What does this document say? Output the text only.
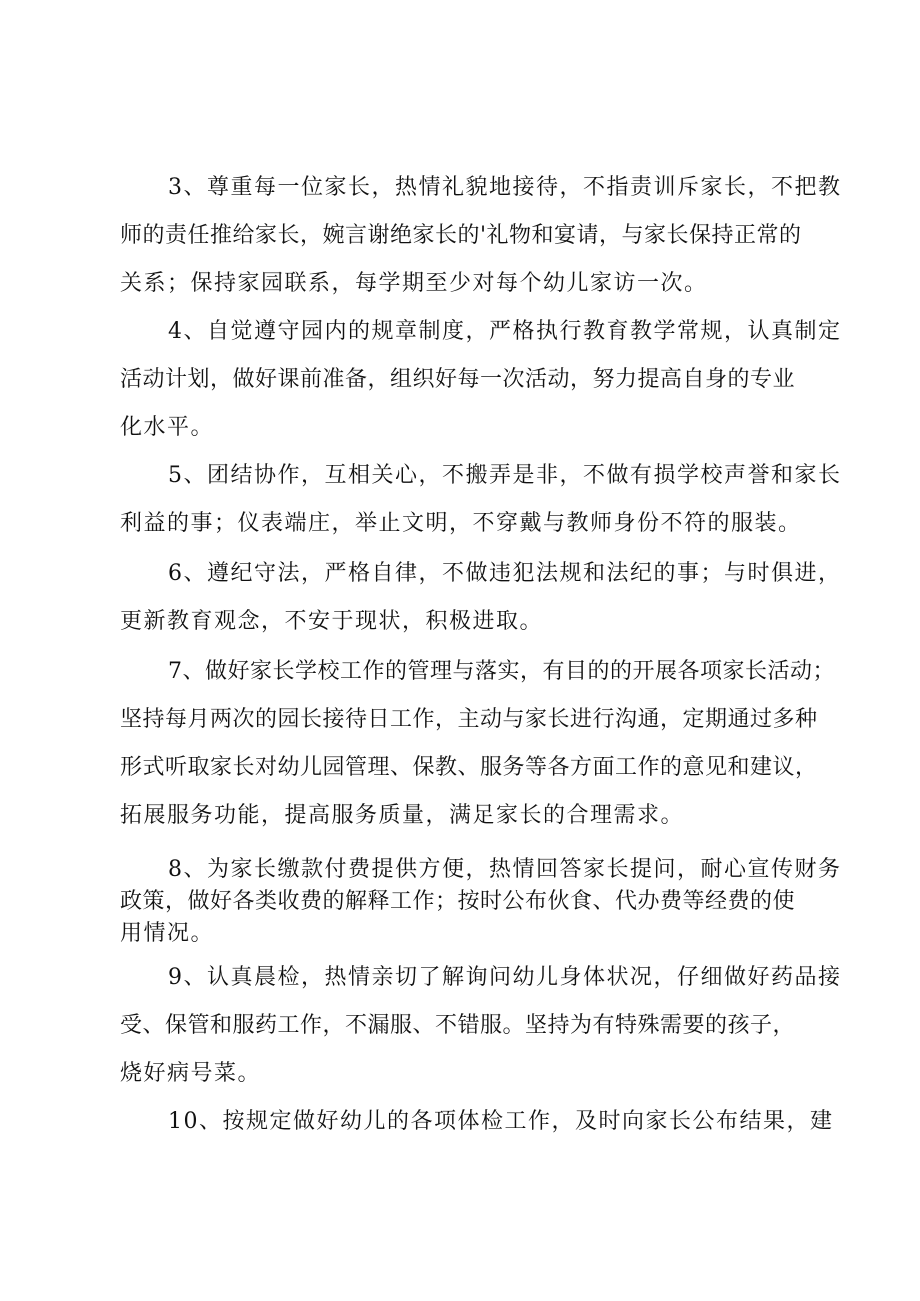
3、尊重每一位家长，热情礼貌地接待，不指责训斥家长，不把教
师的责任推给家长，婉言谢绝家长的'礼物和宴请，与家长保持正常的
关系；保持家园联系，每学期至少对每个幼儿家访一次。
4、自觉遵守园内的规章制度，严格执行教育教学常规，认真制定
活动计划，做好课前准备，组织好每一次活动，努力提高自身的专业
化水平。
5、团结协作，互相关心，不搬弄是非，不做有损学校声誉和家长
利益的事；仪表端庄，举止文明，不穿戴与教师身份不符的服装。
6、遵纪守法，严格自律，不做违犯法规和法纪的事；与时俱进，
更新教育观念，不安于现状，积极进取。
7、做好家长学校工作的管理与落实，有目的的开展各项家长活动；
坚持每月两次的园长接待日工作，主动与家长进行沟通，定期通过多种
形式听取家长对幼儿园管理、保教、服务等各方面工作的意见和建议，
拓展服务功能，提高服务质量，满足家长的合理需求。
8、为家长缴款付费提供方便，热情回答家长提问，耐心宣传财务
政策，做好各类收费的解释工作；按时公布伙食、代办费等经费的使
用情况。
9、认真晨检，热情亲切了解询问幼儿身体状况，仔细做好药品接
受、保管和服药工作，不漏服、不错服。坚持为有特殊需要的孩子，
烧好病号菜。
10、按规定做好幼儿的各项体检工作，及时向家长公布结果，建
